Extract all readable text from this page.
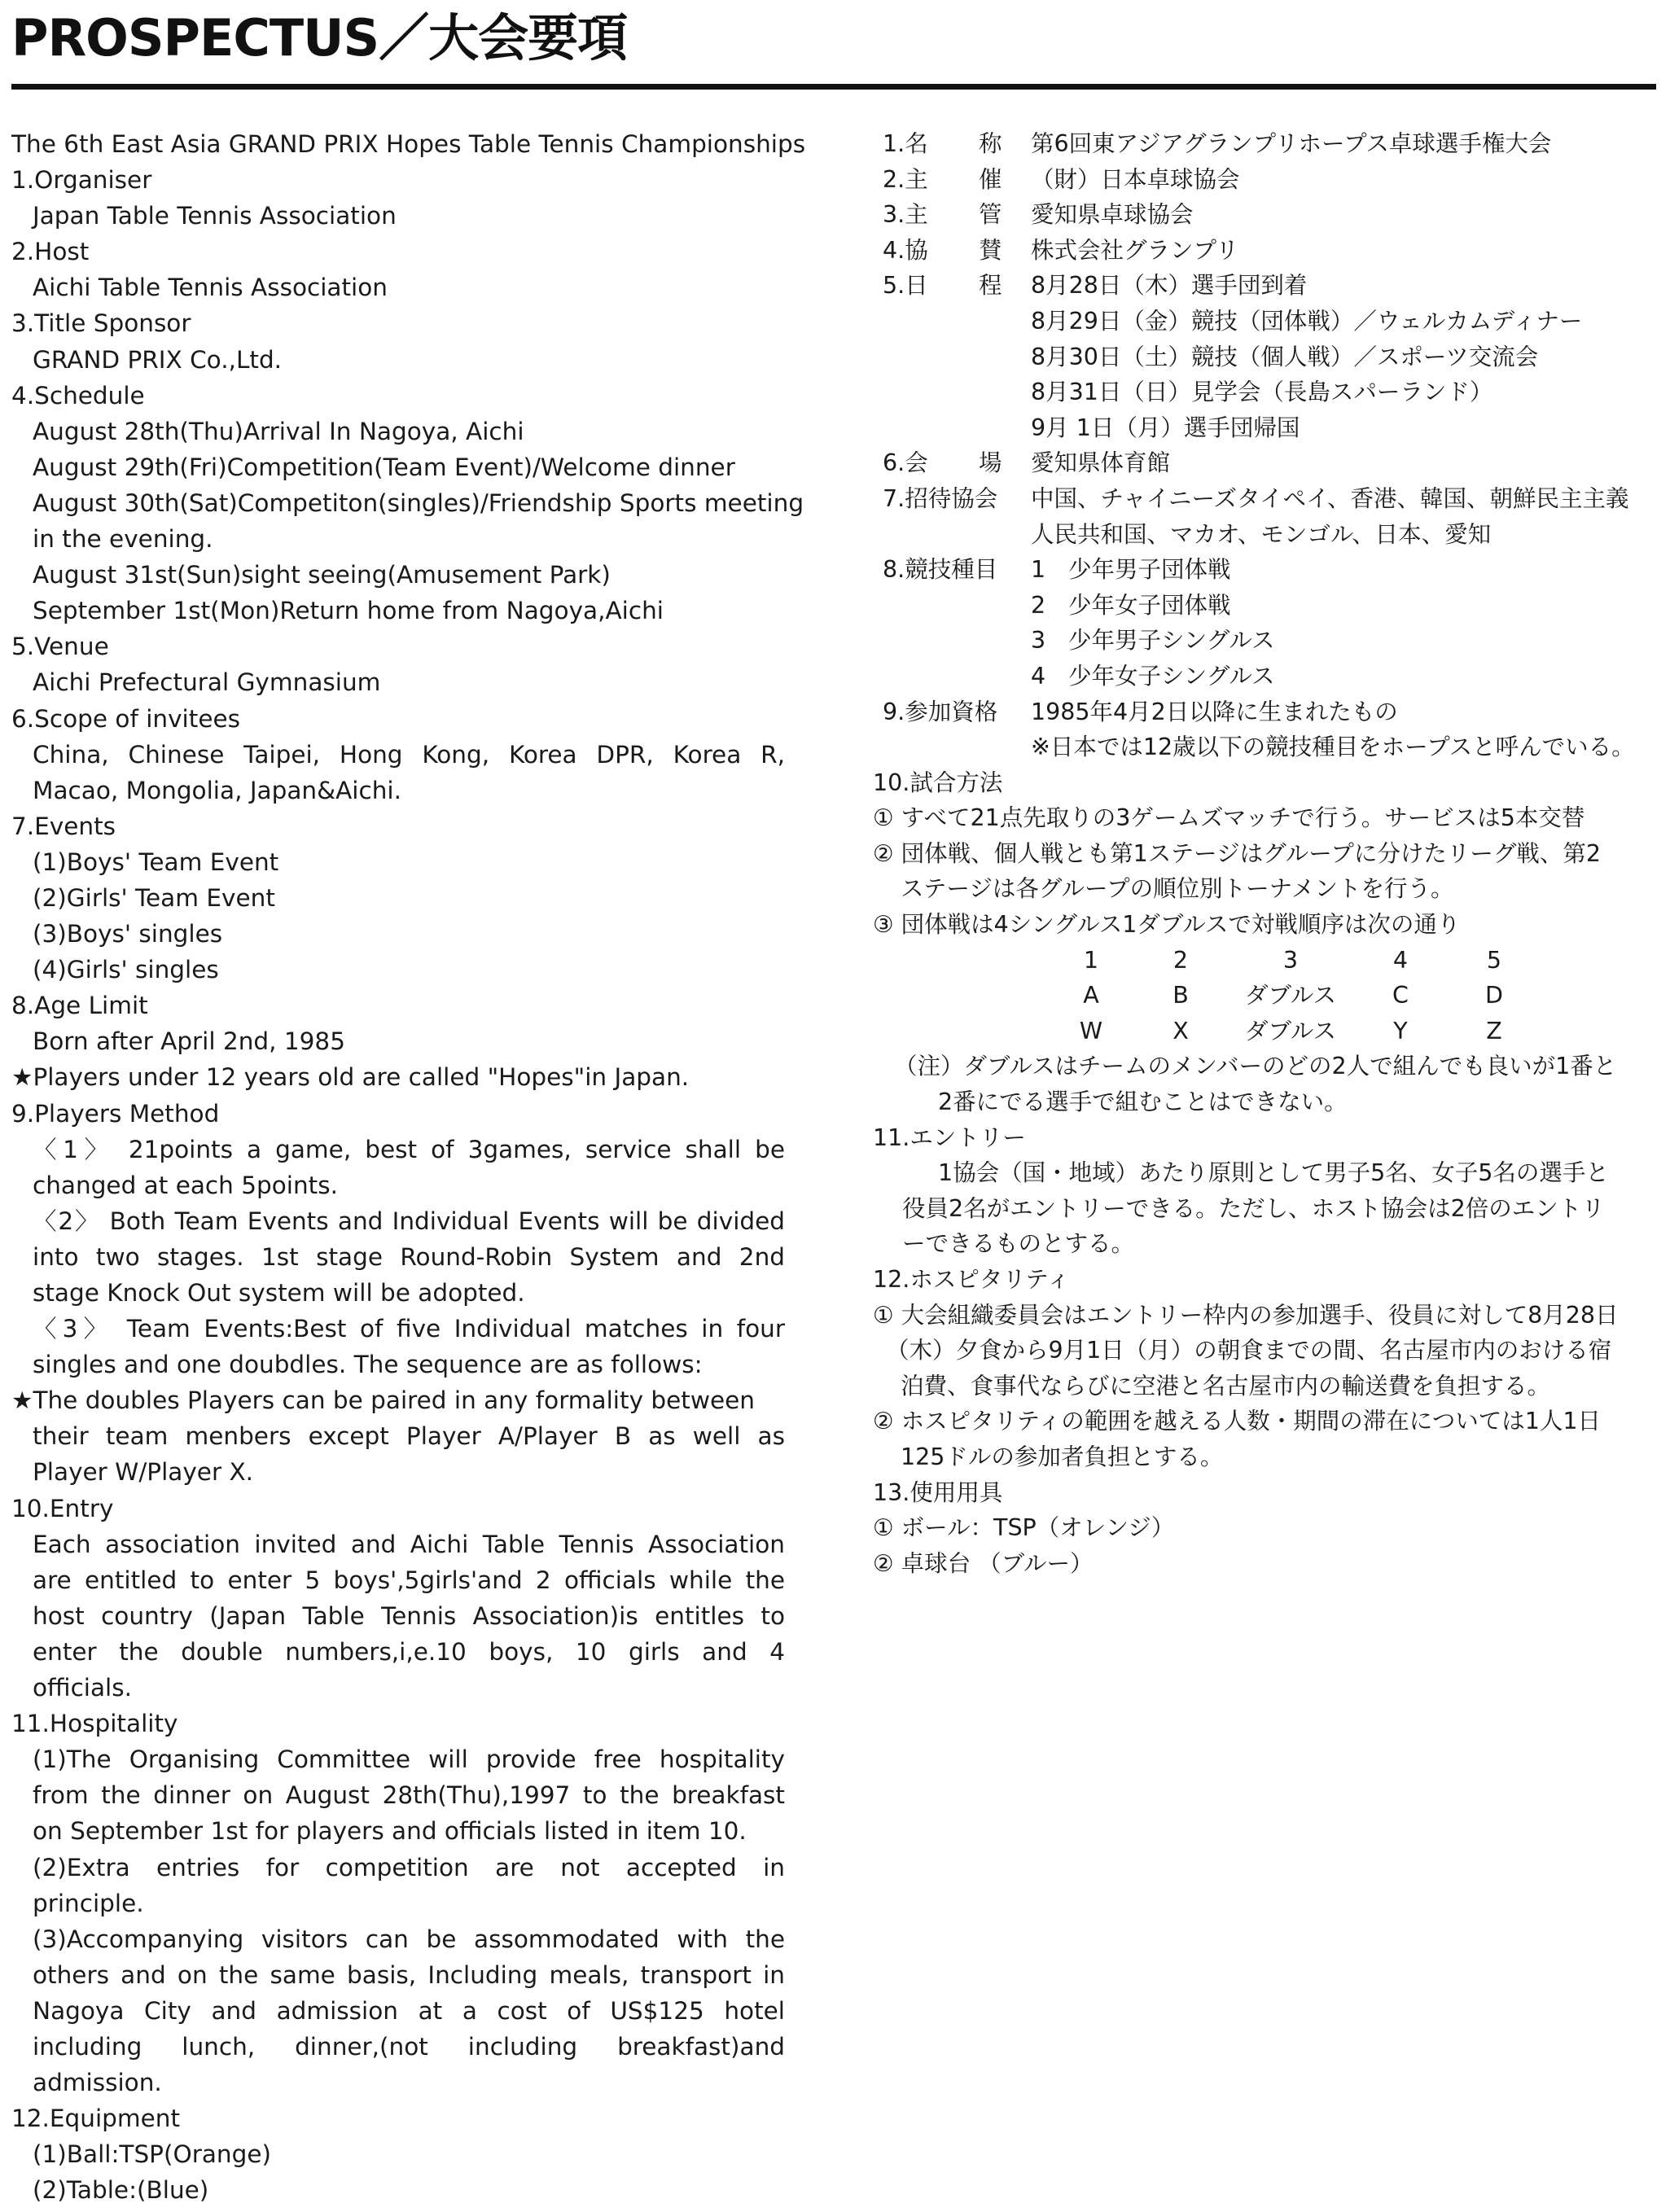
PROSPECTUS／大会要項
The 6th East Asia GRAND PRIX Hopes Table Tennis Championships
1.Organiser
Japan Table Tennis Association
2.Host
Aichi Table Tennis Association
3.Title Sponsor
GRAND PRIX Co.,Ltd.
4.Schedule
August 28th(Thu)Arrival In Nagoya, Aichi
August 29th(Fri)Competition(Team Event)/Welcome dinner
August 30th(Sat)Competiton(singles)/Friendship Sports meeting
in the evening.
August 31st(Sun)sight seeing(Amusement Park)
September 1st(Mon)Return home from Nagoya,Aichi
5.Venue
Aichi Prefectural Gymnasium
6.Scope of invitees
China, Chinese Taipei, Hong Kong, Korea DPR, Korea R,
Macao, Mongolia, Japan&Aichi.
7.Events
(1)Boys' Team Event
(2)Girls' Team Event
(3)Boys' singles
(4)Girls' singles
8.Age Limit
Born after April 2nd, 1985
★Players under 12 years old are called "Hopes"in Japan.
9.Players Method
〈1〉 21points a game, best of 3games, service shall be
changed at each 5points.
〈2〉 Both Team Events and Individual Events will be divided
into two stages. 1st stage Round-Robin System and 2nd
stage Knock Out system will be adopted.
〈3〉 Team Events:Best of five Individual matches in four
singles and one doubdles. The sequence are as follows:
★The doubles Players can be paired in any formality between
their team menbers except Player A/Player B as well as
Player W/Player X.
10.Entry
Each association invited and Aichi Table Tennis Association
are entitled to enter 5 boys',5girls'and 2 officials while the
host country (Japan Table Tennis Association)is entitles to
enter the double numbers,i,e.10 boys, 10 girls and 4
officials.
11.Hospitality
(1)The Organising Committee will provide free hospitality
from the dinner on August 28th(Thu),1997 to the breakfast
on September 1st for players and officials listed in item 10.
(2)Extra entries for competition are not accepted in
principle.
(3)Accompanying visitors can be assommodated with the
others and on the same basis, Including meals, transport in
Nagoya City and admission at a cost of US$125 hotel
including lunch, dinner,(not including breakfast)and
admission.
12.Equipment
(1)Ball:TSP(Orange)
(2)Table:(Blue)
1.名 称 第6回東アジアグランプリホープス卓球選手権大会
2.主 催 （財）日本卓球協会
3.主 管 愛知県卓球協会
4.協 賛 株式会社グランプリ
5.日 程 8月28日（木）選手団到着
8月29日（金）競技（団体戦）／ウェルカムディナー
8月30日（土）競技（個人戦）／スポーツ交流会
8月31日（日）見学会（長島スパーランド）
9月 1日（月）選手団帰国
6.会 場 愛知県体育館
7.招待協会 中国、チャイニーズタイペイ、香港、韓国、朝鮮民主主義
人民共和国、マカオ、モンゴル、日本、愛知
8.競技種目 1 少年男子団体戦
2 少年女子団体戦
3 少年男子シングルス
4 少年女子シングルス
9.参加資格 1985年4月2日以降に生まれたもの
※日本では12歳以下の競技種目をホープスと呼んでいる。
10.試合方法
① すべて21点先取りの3ゲームズマッチで行う。サービスは5本交替
② 団体戦、個人戦とも第1ステージはグループに分けたリーグ戦、第2
ステージは各グループの順位別トーナメントを行う。
③ 団体戦は4シングルス1ダブルスで対戦順序は次の通り
1	2	3	4	5
A	B	ダブルス	C	D
W	X	ダブルス	Y	Z
（注）ダブルスはチームのメンバーのどの2人で組んでも良いが1番と
2番にでる選手で組むことはできない。
11.エントリー
1協会（国・地域）あたり原則として男子5名、女子5名の選手と
役員2名がエントリーできる。ただし、ホスト協会は2倍のエントリ
ーできるものとする。
12.ホスピタリティ
① 大会組織委員会はエントリー枠内の参加選手、役員に対して8月28日
（木）夕食から9月1日（月）の朝食までの間、名古屋市内のおける宿
泊費、食事代ならびに空港と名古屋市内の輸送費を負担する。
② ホスピタリティの範囲を越える人数・期間の滞在については1人1日
125ドルの参加者負担とする。
13.使用用具
① ボール：TSP（オレンジ）
② 卓球台 （ブルー）
